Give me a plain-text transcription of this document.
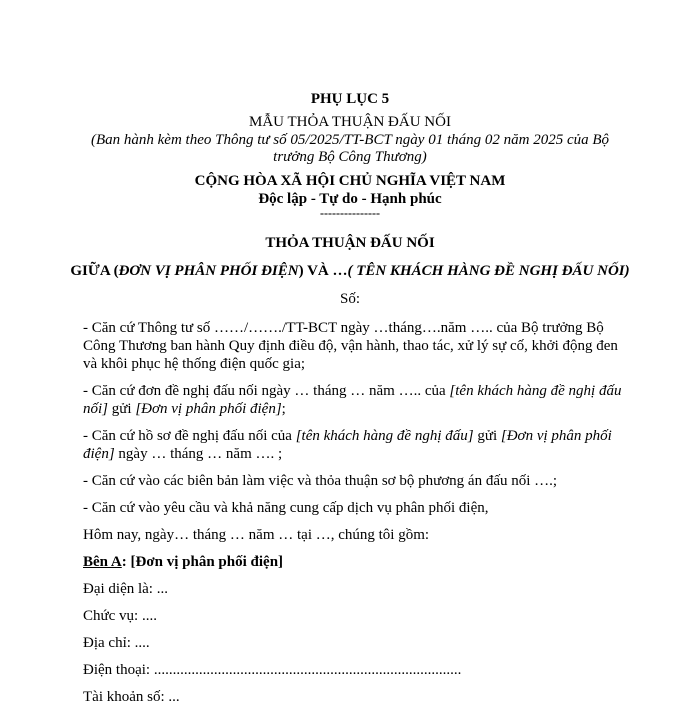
PHỤ LỤC 5
MẪU THỎA THUẬN ĐẤU NỐI
(Ban hành kèm theo Thông tư số 05/2025/TT-BCT ngày 01 tháng 02 năm 2025 của Bộ
trưởng Bộ Công Thương)
CỘNG HÒA XÃ HỘI CHỦ NGHĨA VIỆT NAM
Độc lập - Tự do - Hạnh phúc
---------------
THỎA THUẬN ĐẤU NỐI
GIỮA (ĐƠN VỊ PHÂN PHỐI ĐIỆN) VÀ …( TÊN KHÁCH HÀNG ĐỀ NGHỊ ĐẤU NỐI)
Số:
- Căn cứ Thông tư số ……/……./TT-BCT ngày …tháng….năm ….. của Bộ trưởng Bộ
Công Thương ban hành Quy định điều độ, vận hành, thao tác, xử lý sự cố, khởi động đen
và khôi phục hệ thống điện quốc gia;
- Căn cứ đơn đề nghị đấu nối ngày … tháng … năm ….. của [tên khách hàng đề nghị đấu
nối] gửi [Đơn vị phân phối điện];
- Căn cứ hồ sơ đề nghị đấu nối của [tên khách hàng đề nghị đấu] gửi [Đơn vị phân phối
điện] ngày … tháng … năm …. ;
- Căn cứ vào các biên bản làm việc và thỏa thuận sơ bộ phương án đấu nối ….;
- Căn cứ vào yêu cầu và khả năng cung cấp dịch vụ phân phối điện,
Hôm nay, ngày… tháng … năm … tại …, chúng tôi gồm:
Bên A: [Đơn vị phân phối điện]
Đại diện là: ...
Chức vụ: ....
Địa chỉ: ....
Điện thoại: ..................................................................................
Tài khoản số: ...
